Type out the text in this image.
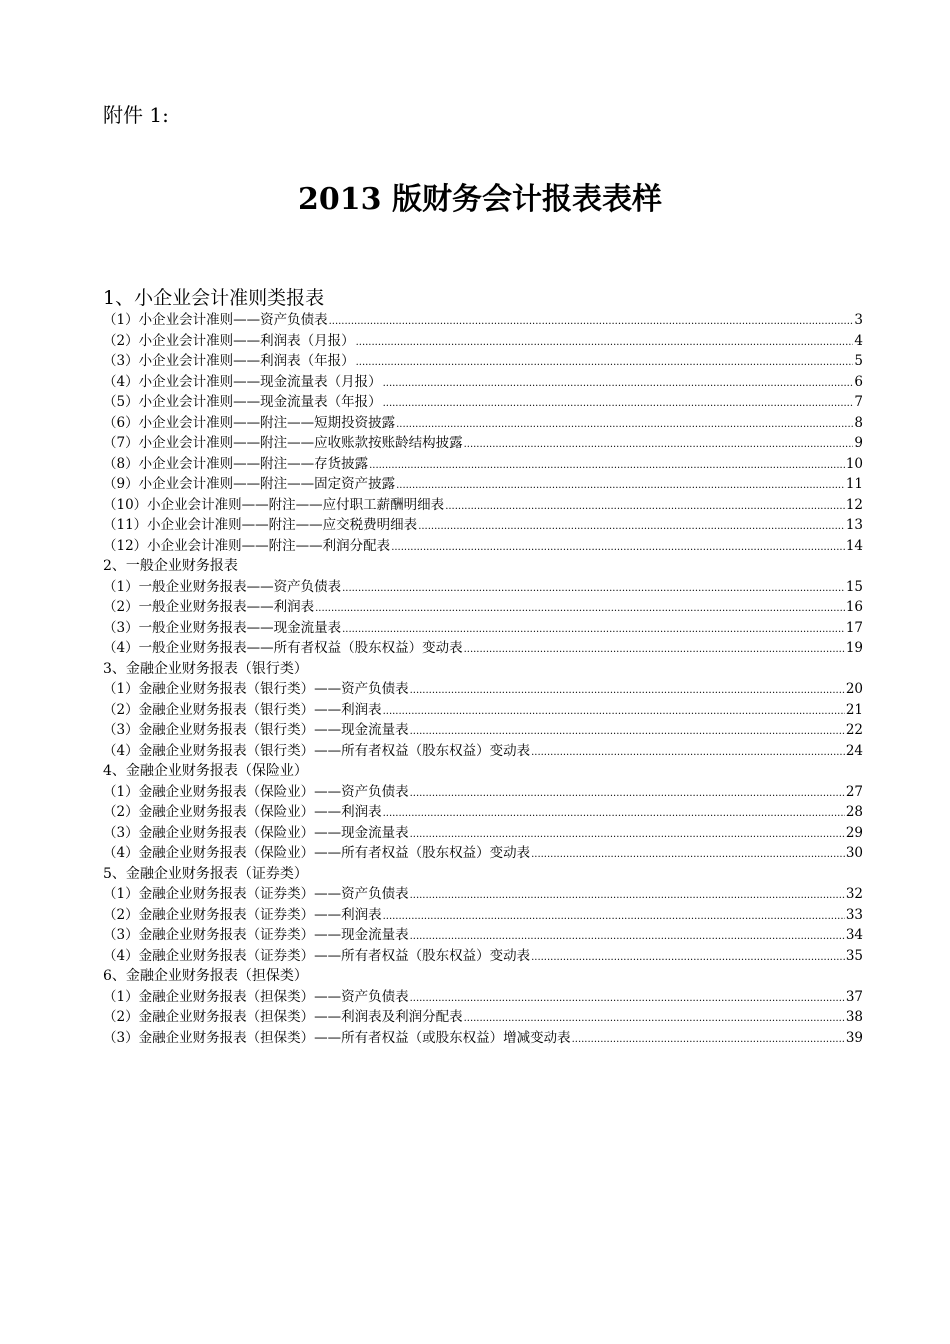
附件 1:
2013 版财务会计报表表样
1、小企业会计准则类报表
（1）小企业会计准则——资产负债表 .....	3
（2）小企业会计准则——利润表（月报） .....	4
（3）小企业会计准则——利润表（年报） .....	5
（4）小企业会计准则——现金流量表（月报） .....	6
（5）小企业会计准则——现金流量表（年报） .....	7
（6）小企业会计准则——附注——短期投资披露 .....	8
（7）小企业会计准则——附注——应收账款按账龄结构披露 .....	9
（8）小企业会计准则——附注——存货披露 .....	10
（9）小企业会计准则——附注——固定资产披露 .....	11
（10）小企业会计准则——附注——应付职工薪酬明细表 .....	12
（11）小企业会计准则——附注——应交税费明细表 .....	13
（12）小企业会计准则——附注——利润分配表 .....	14
2、一般企业财务报表
（1）一般企业财务报表——资产负债表 .....	15
（2）一般企业财务报表——利润表 .....	16
（3）一般企业财务报表——现金流量表 .....	17
（4）一般企业财务报表——所有者权益（股东权益）变动表 .....	19
3、金融企业财务报表（银行类）
（1）金融企业财务报表（银行类）——资产负债表 .....	20
（2）金融企业财务报表（银行类）——利润表 .....	21
（3）金融企业财务报表（银行类）——现金流量表 .....	22
（4）金融企业财务报表（银行类）——所有者权益（股东权益）变动表 .....	24
4、金融企业财务报表（保险业）
（1）金融企业财务报表（保险业）——资产负债表 .....	27
（2）金融企业财务报表（保险业）——利润表 .....	28
（3）金融企业财务报表（保险业）——现金流量表 .....	29
（4）金融企业财务报表（保险业）——所有者权益（股东权益）变动表 .....	30
5、金融企业财务报表（证券类）
（1）金融企业财务报表（证券类）——资产负债表 .....	32
（2）金融企业财务报表（证券类）——利润表 .....	33
（3）金融企业财务报表（证券类）——现金流量表 .....	34
（4）金融企业财务报表（证券类）——所有者权益（股东权益）变动表 .....	35
6、金融企业财务报表（担保类）
（1）金融企业财务报表（担保类）——资产负债表 .....	37
（2）金融企业财务报表（担保类）——利润表及利润分配表 .....	38
（3）金融企业财务报表（担保类）——所有者权益（或股东权益）增减变动表 .....	39
